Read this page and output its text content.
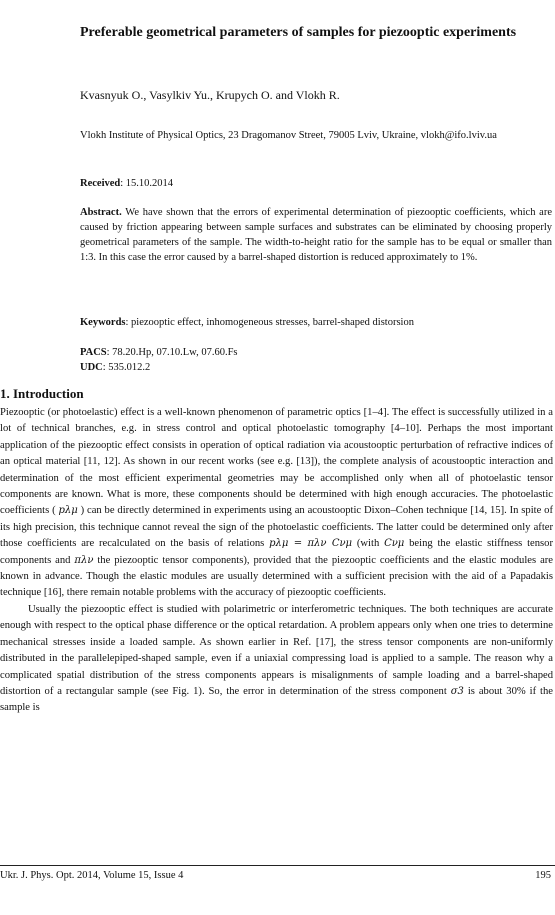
Preferable geometrical parameters of samples for piezooptic experiments
Kvasnyuk O., Vasylkiv Yu., Krupych O. and Vlokh R.
Vlokh Institute of Physical Optics, 23 Dragomanov Street, 79005 Lviv, Ukraine, vlokh@ifo.lviv.ua
Received: 15.10.2014
Abstract. We have shown that the errors of experimental determination of piezooptic coefficients, which are caused by friction appearing between sample surfaces and substrates can be eliminated by choosing properly geometrical parameters of the sample. The width-to-height ratio for the sample has to be equal or smaller than 1:3. In this case the error caused by a barrel-shaped distortion is reduced approximately to 1%.
Keywords: piezooptic effect, inhomogeneous stresses, barrel-shaped distorsion
PACS: 78.20.Hp, 07.10.Lw, 07.60.Fs
UDC: 535.012.2
1. Introduction

Piezooptic (or photoelastic) effect is a well-known phenomenon of parametric optics [1–4]. The effect is successfully utilized in a lot of technical branches, e.g. in stress control and optical photoelastic tomography [4–10]. Perhaps the most important application of the piezooptic effect consists in operation of optical radiation via acoustooptic perturbation of refractive indices of an optical material [11, 12]. As shown in our recent works (see e.g. [13]), the complete analysis of acoustooptic interaction and determination of the most efficient experimental geometries may be accomplished only when all of photoelastic tensor components are known. What is more, these components should be determined with high enough accuracies. The photoelastic coefficients ( pλμ ) can be directly determined in experiments using an acoustooptic Dixon–Cohen technique [14, 15]. In spite of its high precision, this technique cannot reveal the sign of the photoelastic coefficients. The latter could be determined only after those coefficients are recalculated on the basis of relations pλμ = πλν Cνμ (with Cνμ being the elastic stiffness tensor components and πλν the piezooptic tensor components), provided that the piezooptic coefficients and the elastic modules are known in advance. Though the elastic modules are usually determined with a sufficient precision with the aid of a Papadakis technique [16], there remain notable problems with the accuracy of piezooptic coefficients.

Usually the piezooptic effect is studied with polarimetric or interferometric techniques. The both techniques are accurate enough with respect to the optical phase difference or the optical retardation. A problem appears only when one tries to determine mechanical stresses inside a loaded sample. As shown earlier in Ref. [17], the stress tensor components are non-uniformly distributed in the parallelepiped-shaped sample, even if a uniaxial compressing load is applied to a sample. The reason why a complicated spatial distribution of the stress components appears is misalignments of sample loading and a barrel-shaped distortion of a rectangular sample (see Fig. 1). So, the error in determination of the stress component σ3 is about 30% if the sample is

Ukr. J. Phys. Opt. 2014, Volume 15, Issue 4	195
